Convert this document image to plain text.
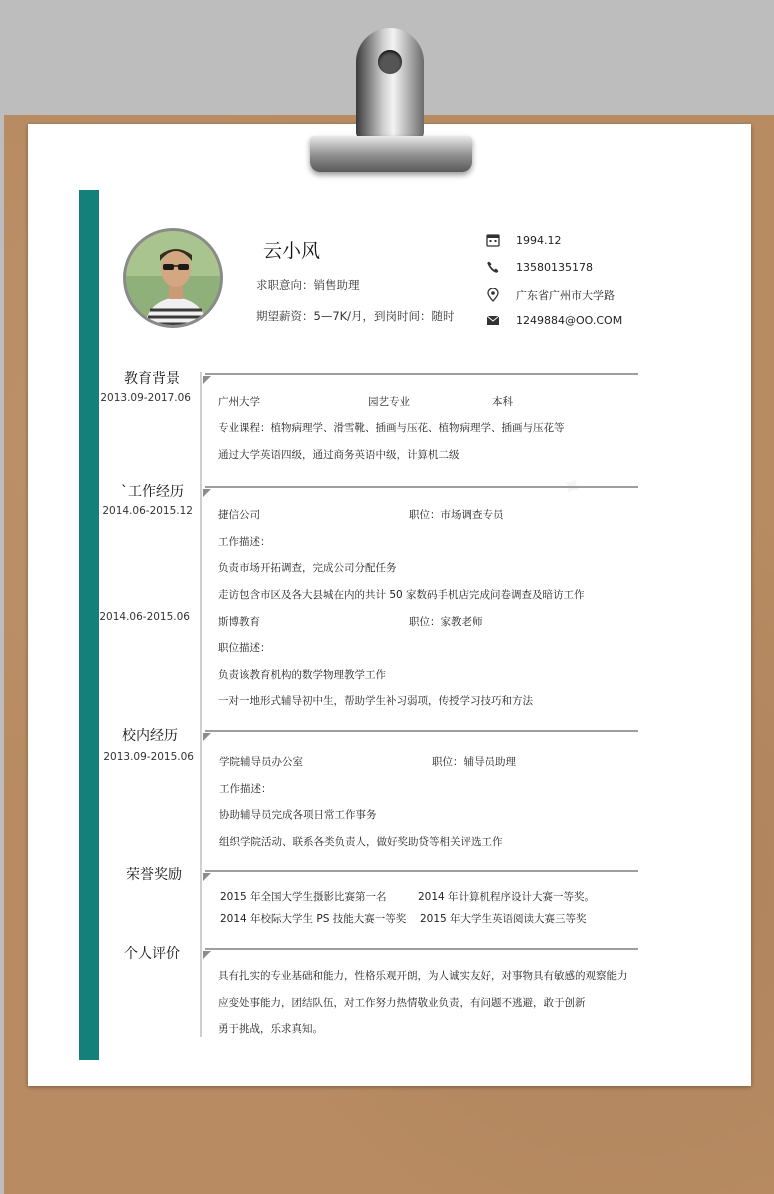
云小风
求职意向：销售助理
期望薪资：5—7K/月，到岗时间：随时
1994.12
13580135178
广东省广州市大学路
1249884@OO.COM
教育背景
2013.09-2017.06	广州大学	园艺专业	本科
专业课程：植物病理学、滑雪靴、插画与压花、植物病理学、插画与压花等
通过大学英语四级，通过商务英语中级，计算机二级
`工作经历
2014.06-2015.12 捷信公司	职位：市场调查专员
工作描述：
负责市场开拓调查，完成公司分配任务
走访包含市区及各大县城在内的共计 50 家数码手机店完成问卷调查及暗访工作
2014.06-2015.06	斯博教育	职位：家教老师
职位描述：
负责该教育机构的数学物理教学工作
一对一地形式辅导初中生，帮助学生补习弱项，传授学习技巧和方法
校内经历
2013.09-2015.06 学院辅导员办公室	职位：辅导员助理
工作描述：
协助辅导员完成各项日常工作事务
组织学院活动、联系各类负责人，做好奖助贷等相关评选工作
荣誉奖励
2015 年全国大学生摄影比赛第一名	2014 年计算机程序设计大赛一等奖。
2014 年校际大学生 PS 技能大赛一等奖 2015 年大学生英语阅读大赛三等奖
个人评价
具有扎实的专业基础和能力，性格乐观开朗，为人诚实友好，对事物具有敏感的观察能力
应变处事能力，团结队伍，对工作努力热情敬业负责，有问题不逃避，敢于创新
勇于挑战，乐求真知。
